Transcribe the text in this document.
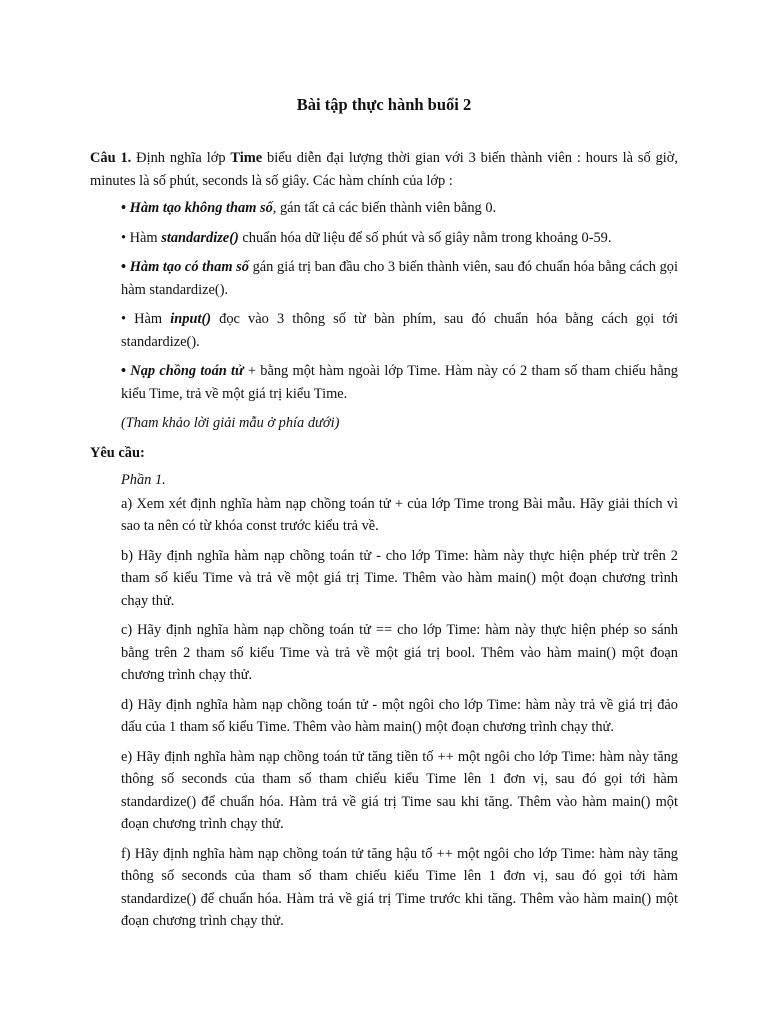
Bài tập thực hành buổi 2

Câu 1. Định nghĩa lớp Time biểu diễn đại lượng thời gian với 3 biến thành viên : hours là số giờ, minutes là số phút, seconds là số giây. Các hàm chính của lớp :

• Hàm tạo không tham số, gán tất cả các biến thành viên bằng 0.

• Hàm standardize() chuẩn hóa dữ liệu để số phút và số giây nằm trong khoảng 0-59.

• Hàm tạo có tham số gán giá trị ban đầu cho 3 biến thành viên, sau đó chuẩn hóa bằng cách gọi hàm standardize().

• Hàm input() đọc vào 3 thông số từ bàn phím, sau đó chuẩn hóa bằng cách gọi tới standardize().

• Nạp chồng toán tử + bằng một hàm ngoài lớp Time. Hàm này có 2 tham số tham chiếu hằng kiểu Time, trả về một giá trị kiểu Time.

(Tham khảo lời giải mẫu ở phía dưới)

Yêu cầu:

Phần 1.

a) Xem xét định nghĩa hàm nạp chồng toán tử + của lớp Time trong Bài mẫu. Hãy giải thích vì sao ta nên có từ khóa const trước kiểu trả về.

b) Hãy định nghĩa hàm nạp chồng toán tử - cho lớp Time: hàm này thực hiện phép trừ trên 2 tham số kiểu Time và trả về một giá trị Time. Thêm vào hàm main() một đoạn chương trình chạy thử.

c) Hãy định nghĩa hàm nạp chồng toán tử == cho lớp Time: hàm này thực hiện phép so sánh bằng trên 2 tham số kiểu Time và trả về một giá trị bool. Thêm vào hàm main() một đoạn chương trình chạy thử.

d) Hãy định nghĩa hàm nạp chồng toán tử - một ngôi cho lớp Time: hàm này trả về giá trị đảo dấu của 1 tham số kiểu Time. Thêm vào hàm main() một đoạn chương trình chạy thử.

e) Hãy định nghĩa hàm nạp chồng toán tử tăng tiền tố ++ một ngôi cho lớp Time: hàm này tăng thông số seconds của tham số tham chiếu kiểu Time lên 1 đơn vị, sau đó gọi tới hàm standardize() để chuẩn hóa. Hàm trả về giá trị Time sau khi tăng. Thêm vào hàm main() một đoạn chương trình chạy thử.

f) Hãy định nghĩa hàm nạp chồng toán tử tăng hậu tố ++ một ngôi cho lớp Time: hàm này tăng thông số seconds của tham số tham chiếu kiểu Time lên 1 đơn vị, sau đó gọi tới hàm standardize() để chuẩn hóa. Hàm trả về giá trị Time trước khi tăng. Thêm vào hàm main() một đoạn chương trình chạy thử.
